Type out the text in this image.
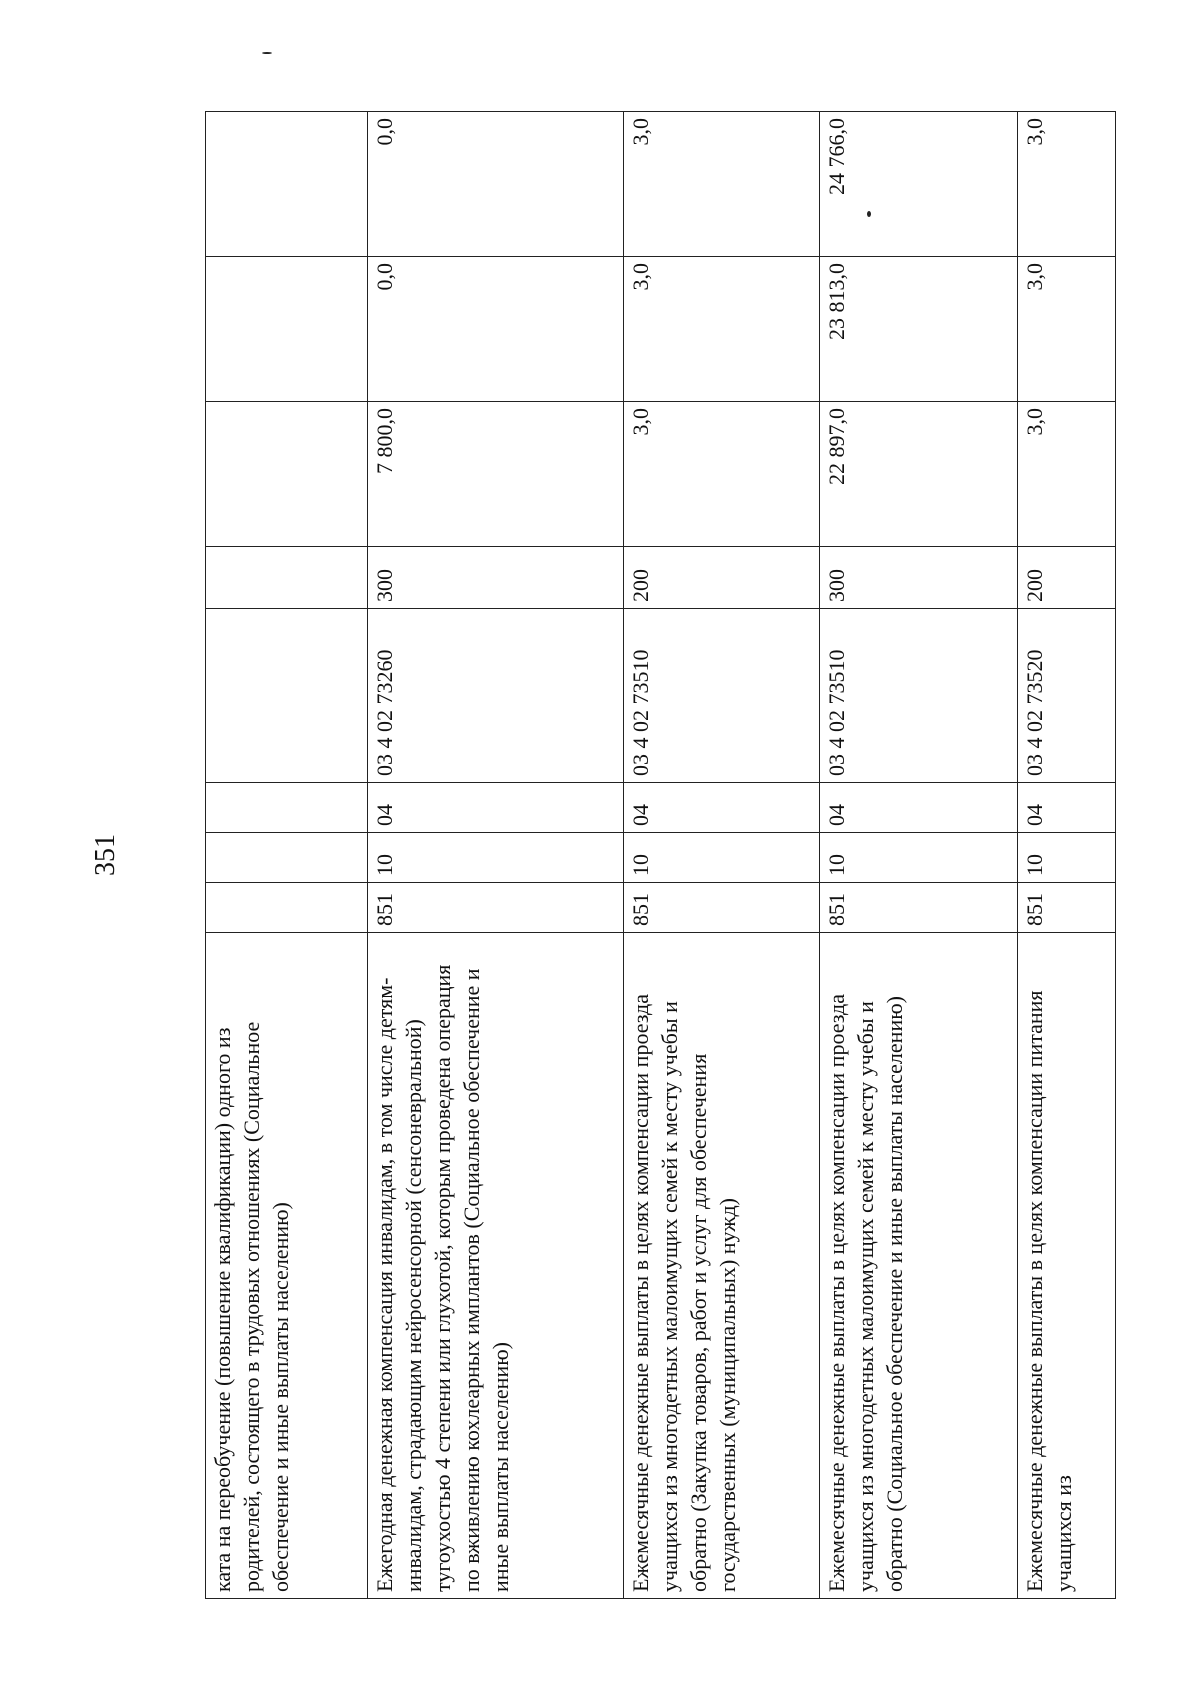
351
ката на переобучение (повышение квалификации) одного из родителей, состоящего в трудовых отношениях (Социальное обеспечение и иные выплаты населению)								
Ежегодная денежная компенсация инвалидам, в том числе детям-инвалидам, страдающим нейросенсорной (сенсоневральной) тугоухостью 4 степени или глухотой, которым проведена операция по вживлению кохлеарных имплантов (Социальное обеспечение и иные выплаты населению)	851	10	04	03 4 02 73260	300	7 800,0	0,0	0,0
Ежемесячные денежные выплаты в целях компенсации проезда учащихся из многодетных малоимущих семей к месту учебы и обратно (Закупка товаров, работ и услуг для обеспечения государственных (муниципальных) нужд)	851	10	04	03 4 02 73510	200	3,0	3,0	3,0
Ежемесячные денежные выплаты в целях компенсации проезда учащихся из многодетных малоимущих семей к месту учебы и обратно (Социальное обеспечение и иные выплаты населению)	851	10	04	03 4 02 73510	300	22 897,0	23 813,0	24 766,0
Ежемесячные денежные выплаты в целях компенсации питания учащихся из	851	10	04	03 4 02 73520	200	3,0	3,0	3,0
